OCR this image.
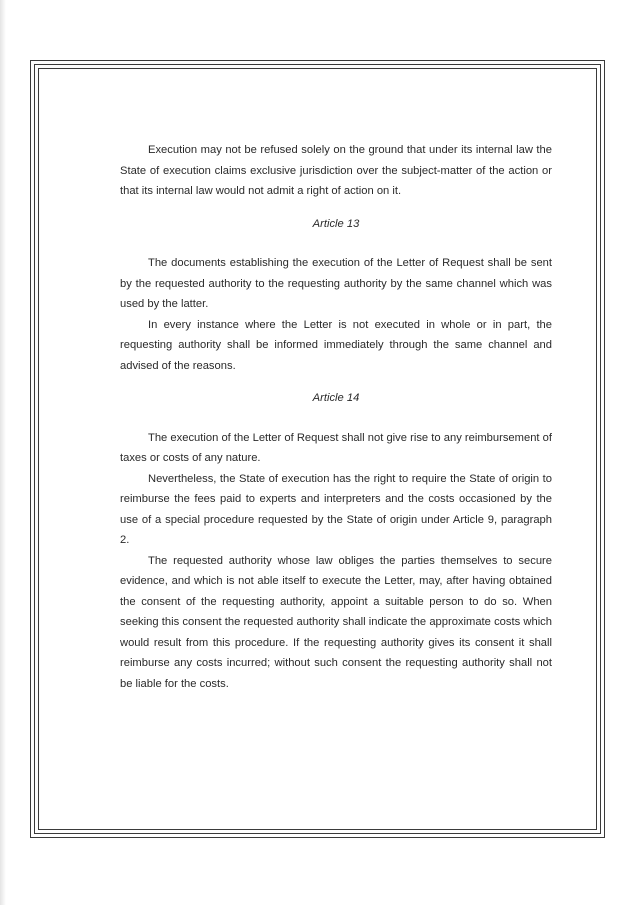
Execution may not be refused solely on the ground that under its internal law the State of execution claims exclusive jurisdiction over the subject-matter of the action or that its internal law would not admit a right of action on it.

Article 13

The documents establishing the execution of the Letter of Request shall be sent by the requested authority to the requesting authority by the same channel which was used by the latter.

In every instance where the Letter is not executed in whole or in part, the requesting authority shall be informed immediately through the same channel and advised of the reasons.

Article 14

The execution of the Letter of Request shall not give rise to any reimbursement of taxes or costs of any nature.

Nevertheless, the State of execution has the right to require the State of origin to reimburse the fees paid to experts and interpreters and the costs occasioned by the use of a special procedure requested by the State of origin under Article 9, paragraph 2.

The requested authority whose law obliges the parties themselves to secure evidence, and which is not able itself to execute the Letter, may, after having obtained the consent of the requesting authority, appoint a suitable person to do so. When seeking this consent the requested authority shall indicate the approximate costs which would result from this procedure. If the requesting authority gives its consent it shall reimburse any costs incurred; without such consent the requesting authority shall not be liable for the costs.
